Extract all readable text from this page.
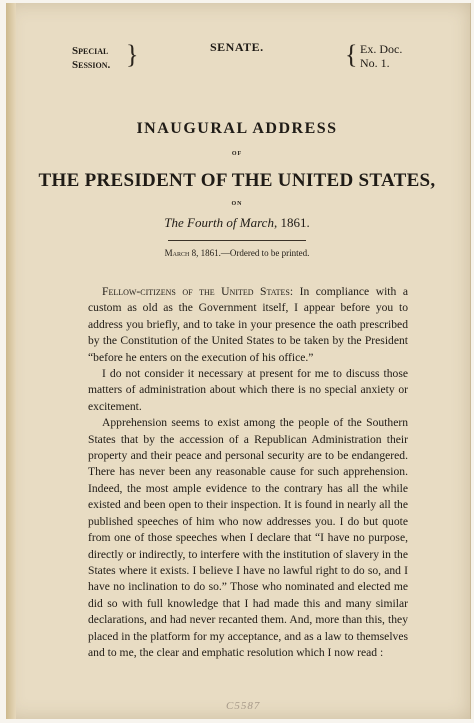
Special
Session. }	SENATE.	{ Ex. Doc.
No. 1.
INAUGURAL ADDRESS
OF
THE PRESIDENT OF THE UNITED STATES,
ON
The Fourth of March, 1861.
March 8, 1861.—Ordered to be printed.

Fellow-citizens of the United States: In compliance with a custom as old as the Government itself, I appear before you to address you briefly, and to take in your presence the oath prescribed by the Constitution of the United States to be taken by the President “before he enters on the execution of his office.”

I do not consider it necessary at present for me to discuss those matters of administration about which there is no special anxiety or excitement.

Apprehension seems to exist among the people of the Southern States that by the accession of a Republican Administration their property and their peace and personal security are to be endangered. There has never been any reasonable cause for such apprehension. Indeed, the most ample evidence to the contrary has all the while existed and been open to their inspection. It is found in nearly all the published speeches of him who now addresses you. I do but quote from one of those speeches when I declare that “I have no purpose, directly or indirectly, to interfere with the institution of slavery in the States where it exists. I believe I have no lawful right to do so, and I have no inclination to do so.” Those who nominated and elected me did so with full knowledge that I had made this and many similar declarations, and had never recanted them. And, more than this, they placed in the platform for my acceptance, and as a law to themselves and to me, the clear and emphatic resolution which I now read :

C5587
